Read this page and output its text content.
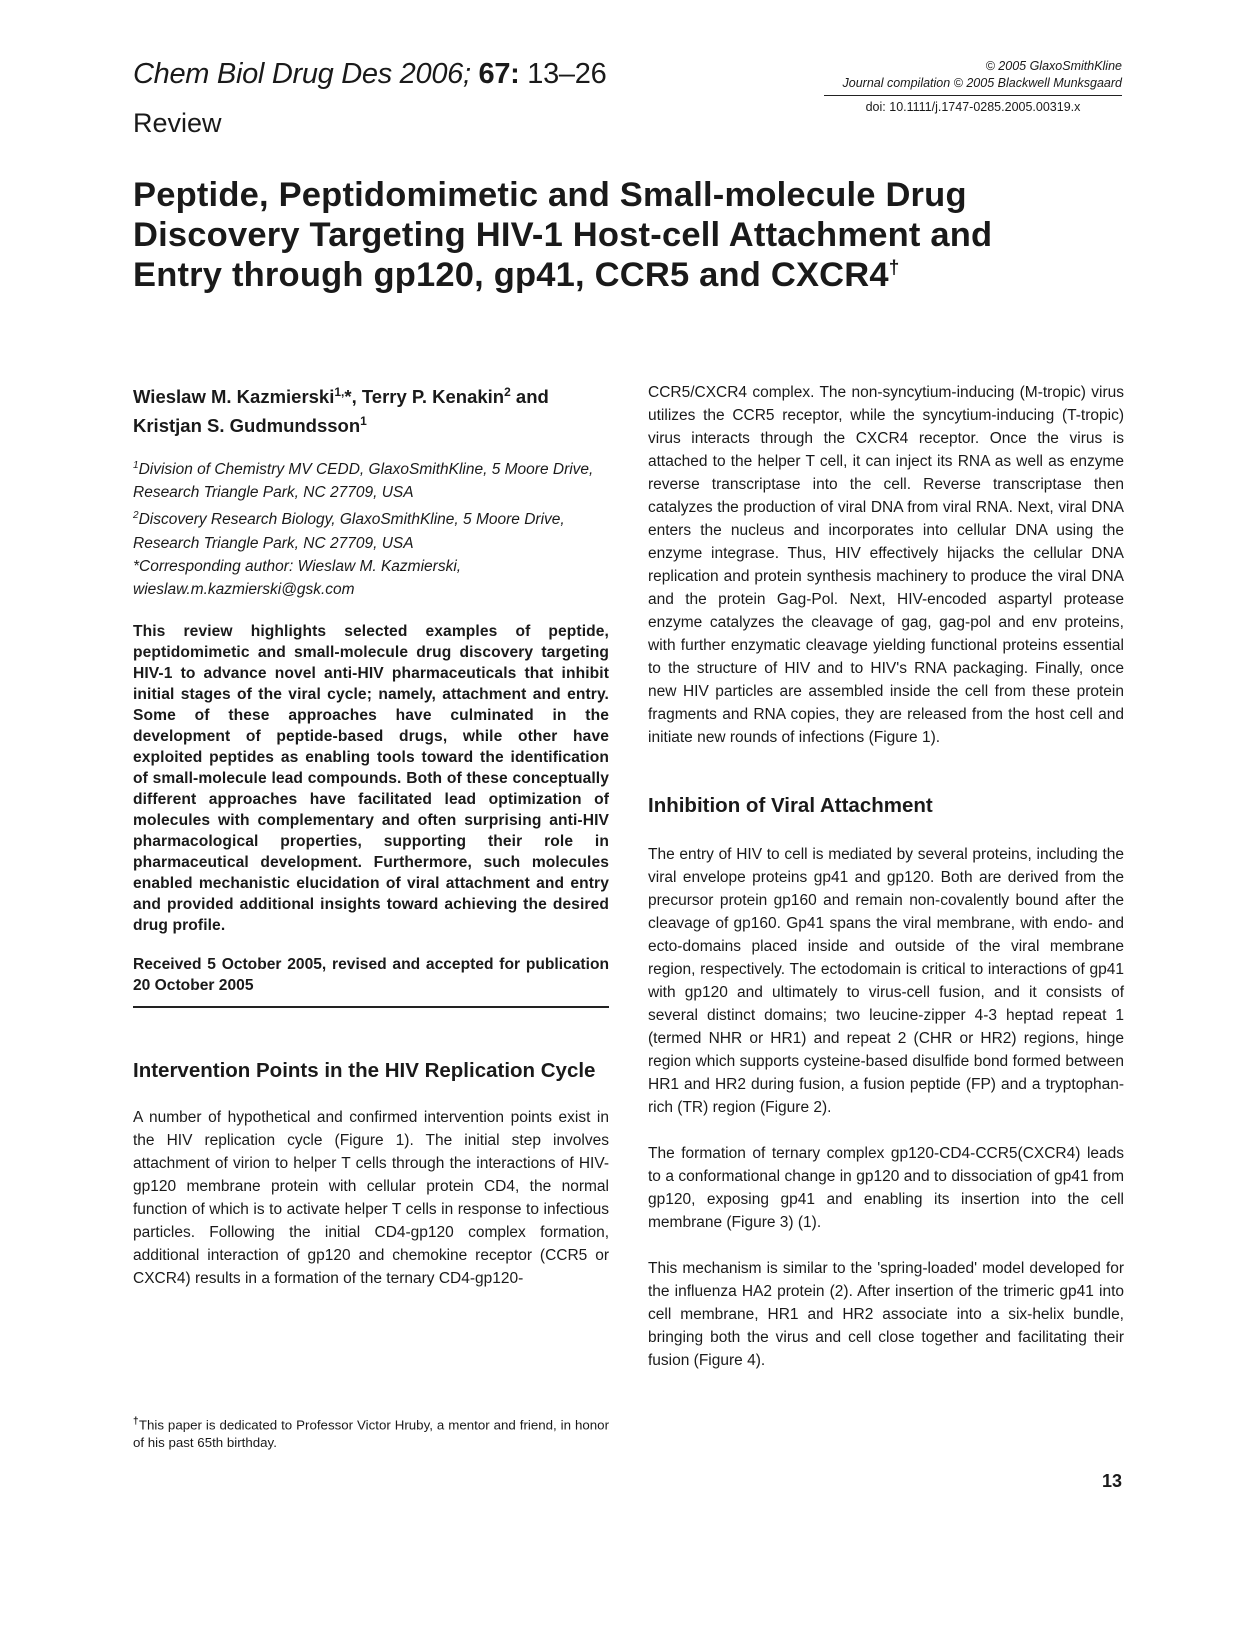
Chem Biol Drug Des 2006; 67: 13–26
Review
© 2005 GlaxoSmithKline
Journal compilation © 2005 Blackwell Munksgaard
doi: 10.1111/j.1747-0285.2005.00319.x
Peptide, Peptidomimetic and Small-molecule Drug Discovery Targeting HIV-1 Host-cell Attachment and Entry through gp120, gp41, CCR5 and CXCR4†

Wieslaw M. Kazmierski$^{1,}$*, Terry P. Kenakin$^2$ and Kristjan S. Gudmundsson$^1$

$^1$Division of Chemistry MV CEDD, GlaxoSmithKline, 5 Moore Drive, Research Triangle Park, NC 27709, USA

$^2$Discovery Research Biology, GlaxoSmithKline, 5 Moore Drive, Research Triangle Park, NC 27709, USA

*Corresponding author: Wieslaw M. Kazmierski, wieslaw.m.kazmierski@gsk.com

This review highlights selected examples of peptide, peptidomimetic and small-molecule drug discovery targeting HIV-1 to advance novel anti-HIV pharmaceuticals that inhibit initial stages of the viral cycle; namely, attachment and entry. Some of these approaches have culminated in the development of peptide-based drugs, while other have exploited peptides as enabling tools toward the identification of small-molecule lead compounds. Both of these conceptually different approaches have facilitated lead optimization of molecules with complementary and often surprising anti-HIV pharmacological properties, supporting their role in pharmaceutical development. Furthermore, such molecules enabled mechanistic elucidation of viral attachment and entry and provided additional insights toward achieving the desired drug profile.

Received 5 October 2005, revised and accepted for publication 20 October 2005

Intervention Points in the HIV Replication Cycle

A number of hypothetical and confirmed intervention points exist in the HIV replication cycle (Figure 1). The initial step involves attachment of virion to helper T cells through the interactions of HIV-gp120 membrane protein with cellular protein CD4, the normal function of which is to activate helper T cells in response to infectious particles. Following the initial CD4-gp120 complex formation, additional interaction of gp120 and chemokine receptor (CCR5 or CXCR4) results in a formation of the ternary CD4-gp120-

CCR5/CXCR4 complex. The non-syncytium-inducing (M-tropic) virus utilizes the CCR5 receptor, while the syncytium-inducing (T-tropic) virus interacts through the CXCR4 receptor. Once the virus is attached to the helper T cell, it can inject its RNA as well as enzyme reverse transcriptase into the cell. Reverse transcriptase then catalyzes the production of viral DNA from viral RNA. Next, viral DNA enters the nucleus and incorporates into cellular DNA using the enzyme integrase. Thus, HIV effectively hijacks the cellular DNA replication and protein synthesis machinery to produce the viral DNA and the protein Gag-Pol. Next, HIV-encoded aspartyl protease enzyme catalyzes the cleavage of gag, gag-pol and env proteins, with further enzymatic cleavage yielding functional proteins essential to the structure of HIV and to HIV's RNA packaging. Finally, once new HIV particles are assembled inside the cell from these protein fragments and RNA copies, they are released from the host cell and initiate new rounds of infections (Figure 1).

Inhibition of Viral Attachment

The entry of HIV to cell is mediated by several proteins, including the viral envelope proteins gp41 and gp120. Both are derived from the precursor protein gp160 and remain non-covalently bound after the cleavage of gp160. Gp41 spans the viral membrane, with endo- and ecto-domains placed inside and outside of the viral membrane region, respectively. The ectodomain is critical to interactions of gp41 with gp120 and ultimately to virus-cell fusion, and it consists of several distinct domains; two leucine-zipper 4-3 heptad repeat 1 (termed NHR or HR1) and repeat 2 (CHR or HR2) regions, hinge region which supports cysteine-based disulfide bond formed between HR1 and HR2 during fusion, a fusion peptide (FP) and a tryptophan-rich (TR) region (Figure 2).

The formation of ternary complex gp120-CD4-CCR5(CXCR4) leads to a conformational change in gp120 and to dissociation of gp41 from gp120, exposing gp41 and enabling its insertion into the cell membrane (Figure 3) (1).

This mechanism is similar to the 'spring-loaded' model developed for the influenza HA2 protein (2). After insertion of the trimeric gp41 into cell membrane, HR1 and HR2 associate into a six-helix bundle, bringing both the virus and cell close together and facilitating their fusion (Figure 4).

†This paper is dedicated to Professor Victor Hruby, a mentor and friend, in honor of his past 65th birthday.
13
